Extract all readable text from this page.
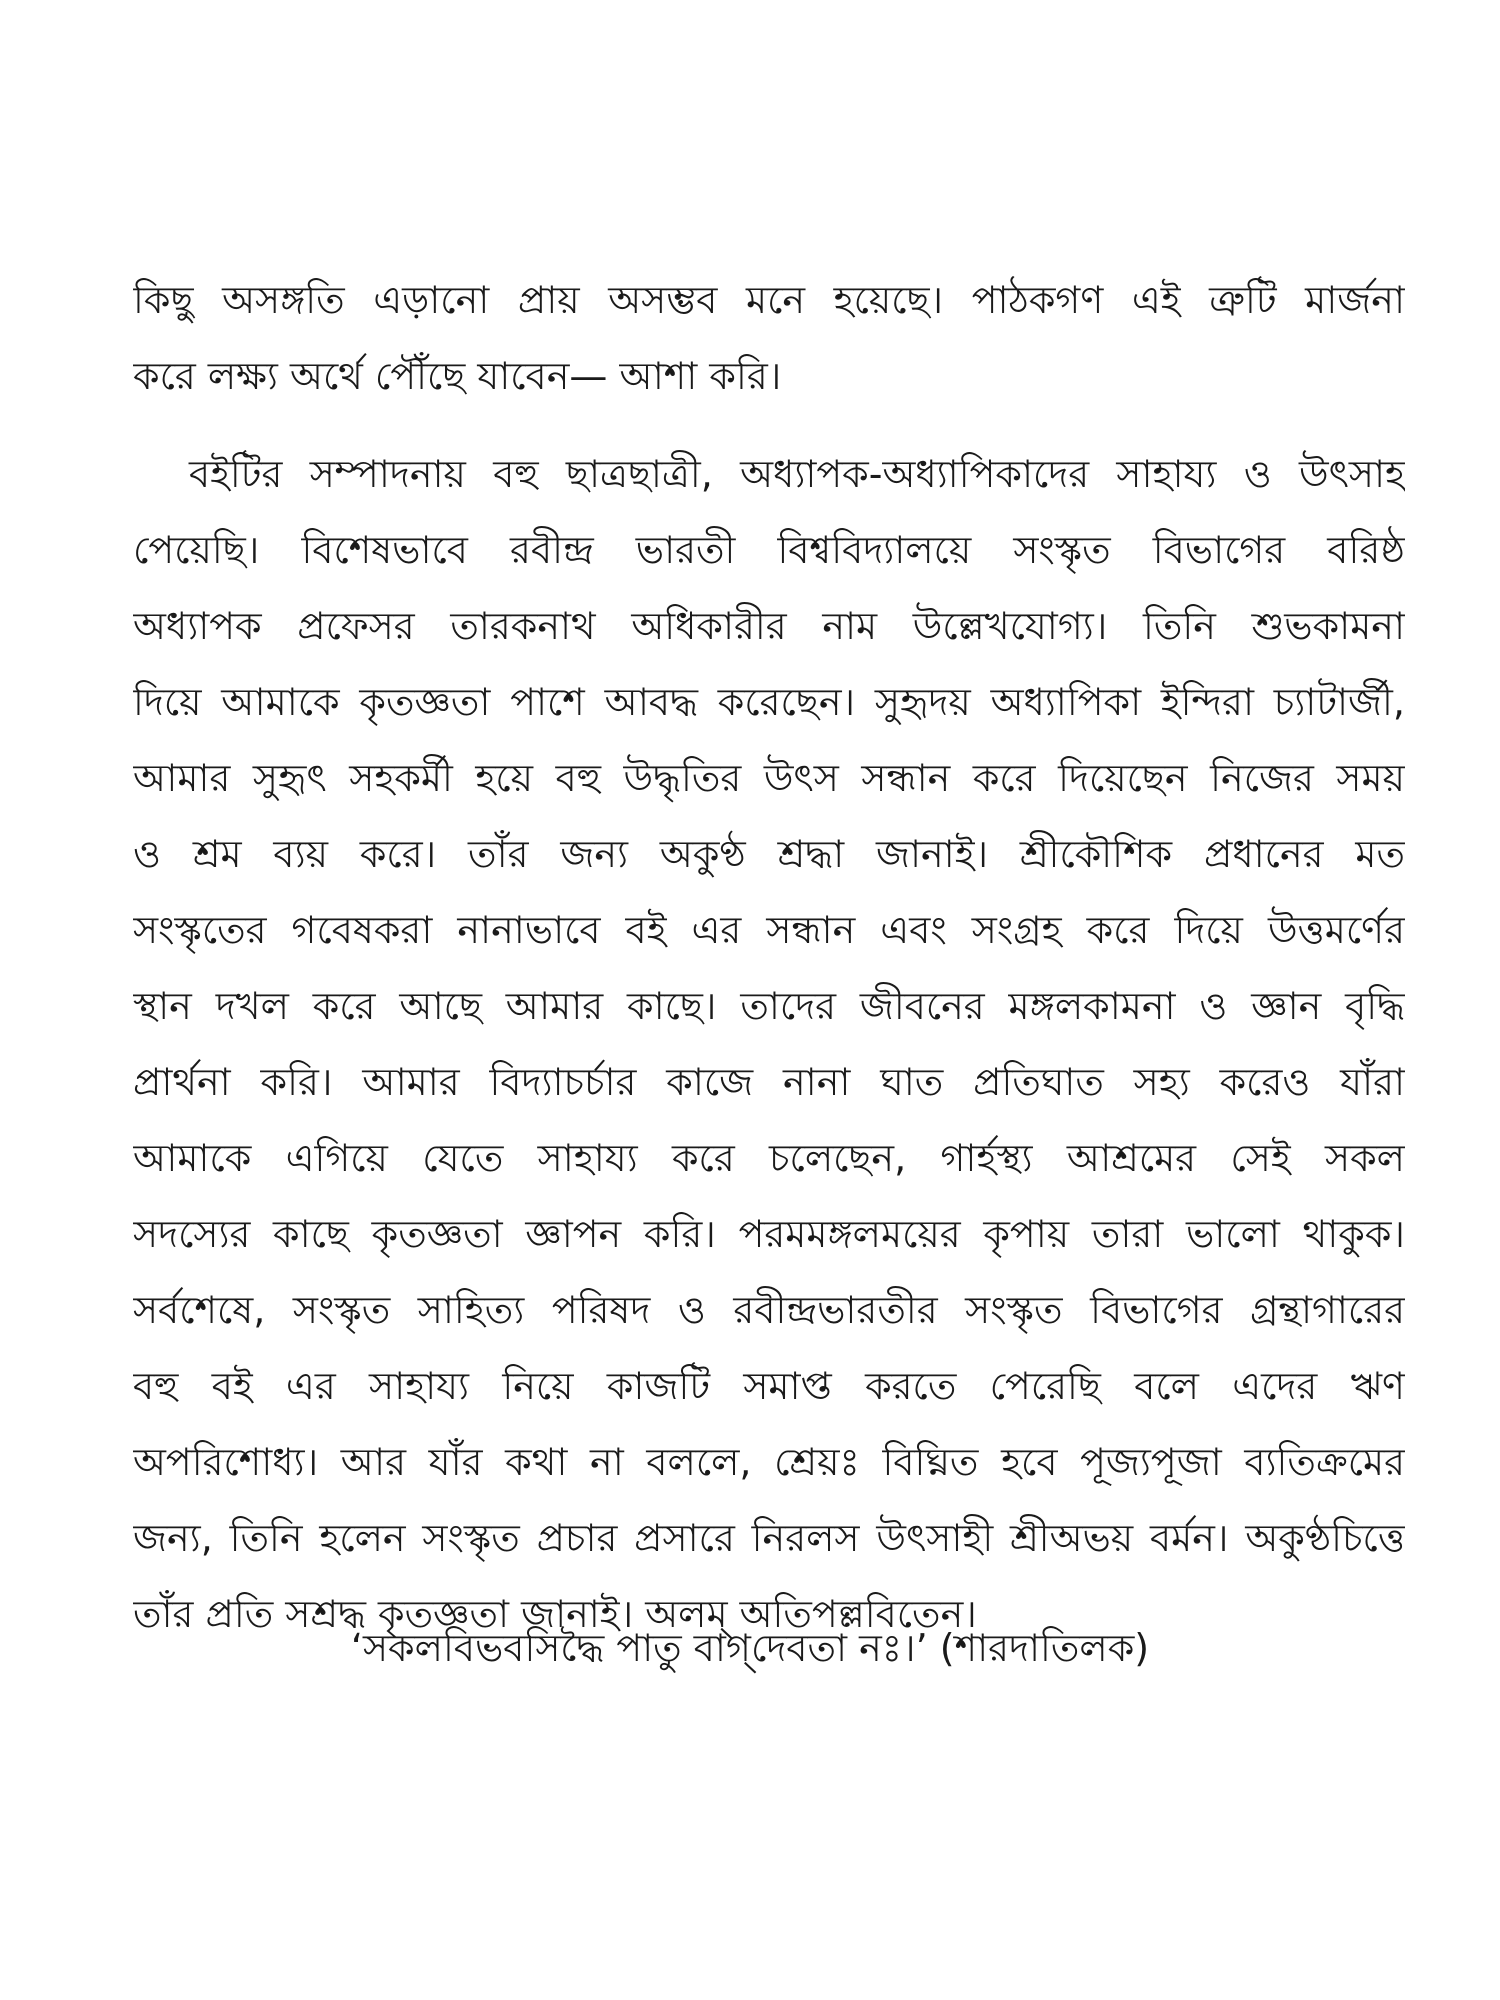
কিছু অসঙ্গতি এড়ানো প্রায় অসম্ভব মনে হয়েছে। পাঠকগণ এই ত্রুটি মার্জনা
করে লক্ষ্য অর্থে পৌঁছে যাবেন— আশা করি।
বইটির সম্পাদনায় বহু ছাত্রছাত্রী, অধ্যাপক-অধ্যাপিকাদের সাহায্য ও উৎসাহ
পেয়েছি। বিশেষভাবে রবীন্দ্র ভারতী বিশ্ববিদ্যালয়ে সংস্কৃত বিভাগের বরিষ্ঠ
অধ্যাপক প্রফেসর তারকনাথ অধিকারীর নাম উল্লেখযোগ্য। তিনি শুভকামনা
দিয়ে আমাকে কৃতজ্ঞতা পাশে আবদ্ধ করেছেন। সুহৃদয় অধ্যাপিকা ইন্দিরা চ্যাটার্জী,
আমার সুহৃৎ সহকর্মী হয়ে বহু উদ্ধৃতির উৎস সন্ধান করে দিয়েছেন নিজের সময়
ও শ্রম ব্যয় করে। তাঁর জন্য অকুণ্ঠ শ্রদ্ধা জানাই। শ্রীকৌশিক প্রধানের মত
সংস্কৃতের গবেষকরা নানাভাবে বই এর সন্ধান এবং সংগ্রহ করে দিয়ে উত্তমর্ণের
স্থান দখল করে আছে আমার কাছে। তাদের জীবনের মঙ্গলকামনা ও জ্ঞান বৃদ্ধি
প্রার্থনা করি। আমার বিদ্যাচর্চার কাজে নানা ঘাত প্রতিঘাত সহ্য করেও যাঁরা
আমাকে এগিয়ে যেতে সাহায্য করে চলেছেন, গার্হস্থ্য আশ্রমের সেই সকল
সদস্যের কাছে কৃতজ্ঞতা জ্ঞাপন করি। পরমমঙ্গলময়ের কৃপায় তারা ভালো থাকুক।
সর্বশেষে, সংস্কৃত সাহিত্য পরিষদ ও রবীন্দ্রভারতীর সংস্কৃত বিভাগের গ্রন্থাগারের
বহু বই এর সাহায্য নিয়ে কাজটি সমাপ্ত করতে পেরেছি বলে এদের ঋণ
অপরিশোধ্য। আর যাঁর কথা না বললে, শ্রেয়ঃ বিঘ্নিত হবে পূজ্যপূজা ব্যতিক্রমের
জন্য, তিনি হলেন সংস্কৃত প্রচার প্রসারে নিরলস উৎসাহী শ্রীঅভয় বর্মন। অকুণ্ঠচিত্তে
তাঁর প্রতি সশ্রদ্ধ কৃতজ্ঞতা জানাই। অলম্ অতিপল্লবিতেন।
‘সকলবিভবসিদ্ধৈ পাতু বাগ্‌দেবতা নঃ।’ (শারদাতিলক)
